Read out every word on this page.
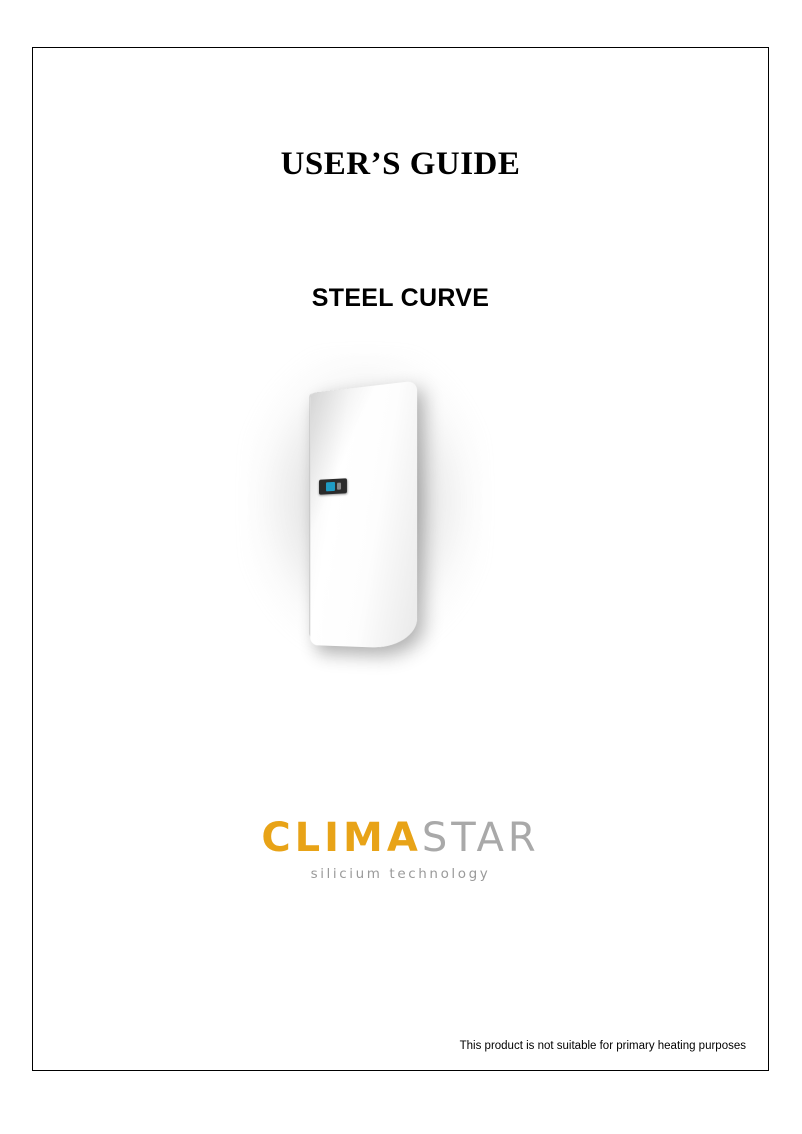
USER’S GUIDE
STEEL CURVE
CLIMASTAR
silicium technology
This product is not suitable for primary heating purposes
